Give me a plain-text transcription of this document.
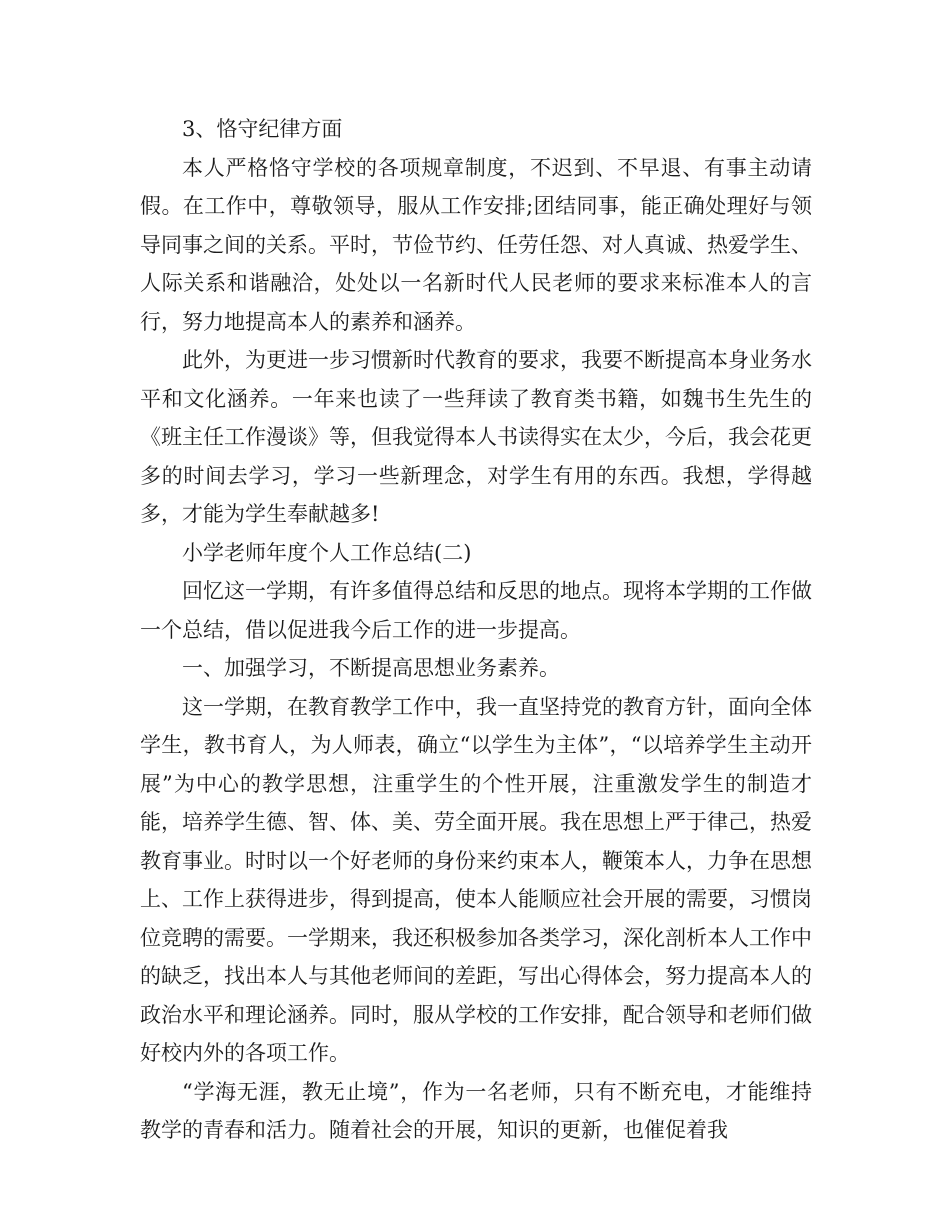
3、恪守纪律方面

本人严格恪守学校的各项规章制度，不迟到、不早退、有事主动请假。在工作中，尊敬领导，服从工作安排;团结同事，能正确处理好与领导同事之间的关系。平时，节俭节约、任劳任怨、对人真诚、热爱学生、人际关系和谐融洽，处处以一名新时代人民老师的要求来标准本人的言行，努力地提高本人的素养和涵养。

此外，为更进一步习惯新时代教育的要求，我要不断提高本身业务水平和文化涵养。一年来也读了一些拜读了教育类书籍，如魏书生先生的《班主任工作漫谈》等，但我觉得本人书读得实在太少，今后，我会花更多的时间去学习，学习一些新理念，对学生有用的东西。我想，学得越多，才能为学生奉献越多!

小学老师年度个人工作总结(二)

回忆这一学期，有许多值得总结和反思的地点。现将本学期的工作做一个总结，借以促进我今后工作的进一步提高。

一、加强学习，不断提高思想业务素养。

这一学期，在教育教学工作中，我一直坚持党的教育方针，面向全体学生，教书育人，为人师表，确立“以学生为主体”，“以培养学生主动开展”为中心的教学思想，注重学生的个性开展，注重激发学生的制造才能，培养学生德、智、体、美、劳全面开展。我在思想上严于律己，热爱教育事业。时时以一个好老师的身份来约束本人，鞭策本人，力争在思想上、工作上获得进步，得到提高，使本人能顺应社会开展的需要，习惯岗位竞聘的需要。一学期来，我还积极参加各类学习，深化剖析本人工作中的缺乏，找出本人与其他老师间的差距，写出心得体会，努力提高本人的政治水平和理论涵养。同时，服从学校的工作安排，配合领导和老师们做好校内外的各项工作。

“学海无涯，教无止境”，作为一名老师，只有不断充电，才能维持教学的青春和活力。随着社会的开展，知识的更新，也催促着我
